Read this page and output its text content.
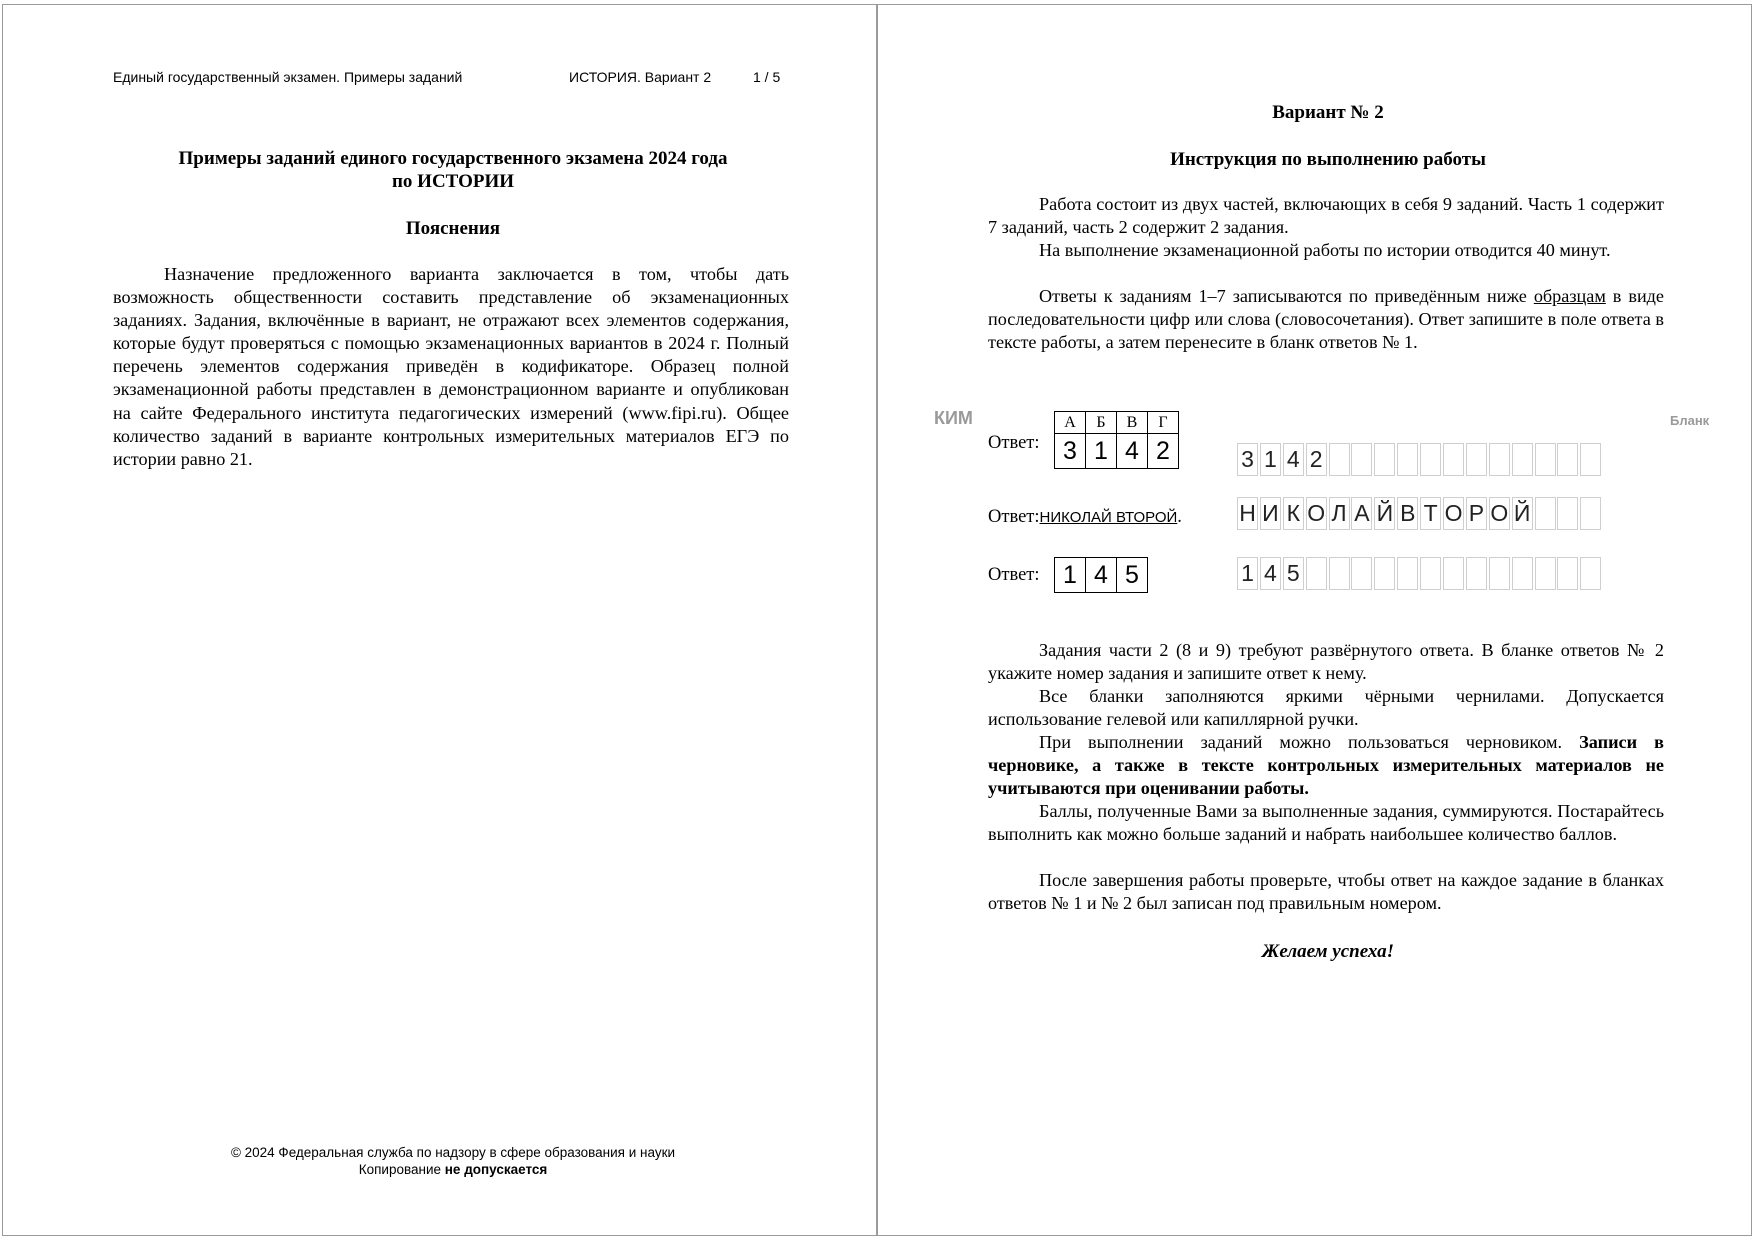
Единый государственный экзамен. Примеры заданий	ИСТОРИЯ. Вариант 2	1 / 5
Примеры заданий единого государственного экзамена 2024 года
по ИСТОРИИ
Пояснения
Назначение предложенного варианта заключается в том, чтобы дать возможность общественности составить представление об экзаменационных заданиях. Задания, включённые в вариант, не отражают всех элементов содержания, которые будут проверяться с помощью экзаменационных вариантов в 2024 г. Полный перечень элементов содержания приведён в кодификаторе. Образец полной экзаменационной работы представлен в демонстрационном варианте и опубликован на сайте Федерального института педагогических измерений (www.fipi.ru). Общее количество заданий в варианте контрольных измерительных материалов ЕГЭ по истории равно 21.
© 2024 Федеральная служба по надзору в сфере образования и науки
Копирование не допускается
Вариант № 2
Инструкция по выполнению работы
Работа состоит из двух частей, включающих в себя 9 заданий. Часть 1 содержит 7 заданий, часть 2 содержит 2 задания.
На выполнение экзаменационной работы по истории отводится 40 минут.
Ответы к заданиям 1–7 записываются по приведённым ниже образцам в виде последовательности цифр или слова (словосочетания). Ответ запишите в поле ответа в тексте работы, а затем перенесите в бланк ответов № 1.
КИМ	Бланк
Ответ:
А	Б	В	Г
3	1	4	2	3 1 4 2
Ответ:НИКОЛАЙ ВТОРОЙ. Н И К О Л А Й В Т О Р О Й
Ответ: 1	4	5	1 4 5
Задания части 2 (8 и 9) требуют развёрнутого ответа. В бланке ответов № 2 укажите номер задания и запишите ответ к нему.
Все бланки заполняются яркими чёрными чернилами. Допускается использование гелевой или капиллярной ручки.
При выполнении заданий можно пользоваться черновиком. Записи в черновике, а также в тексте контрольных измерительных материалов не учитываются при оценивании работы.
Баллы, полученные Вами за выполненные задания, суммируются. Постарайтесь выполнить как можно больше заданий и набрать наибольшее количество баллов.
После завершения работы проверьте, чтобы ответ на каждое задание в бланках ответов № 1 и № 2 был записан под правильным номером.
Желаем успеха!
